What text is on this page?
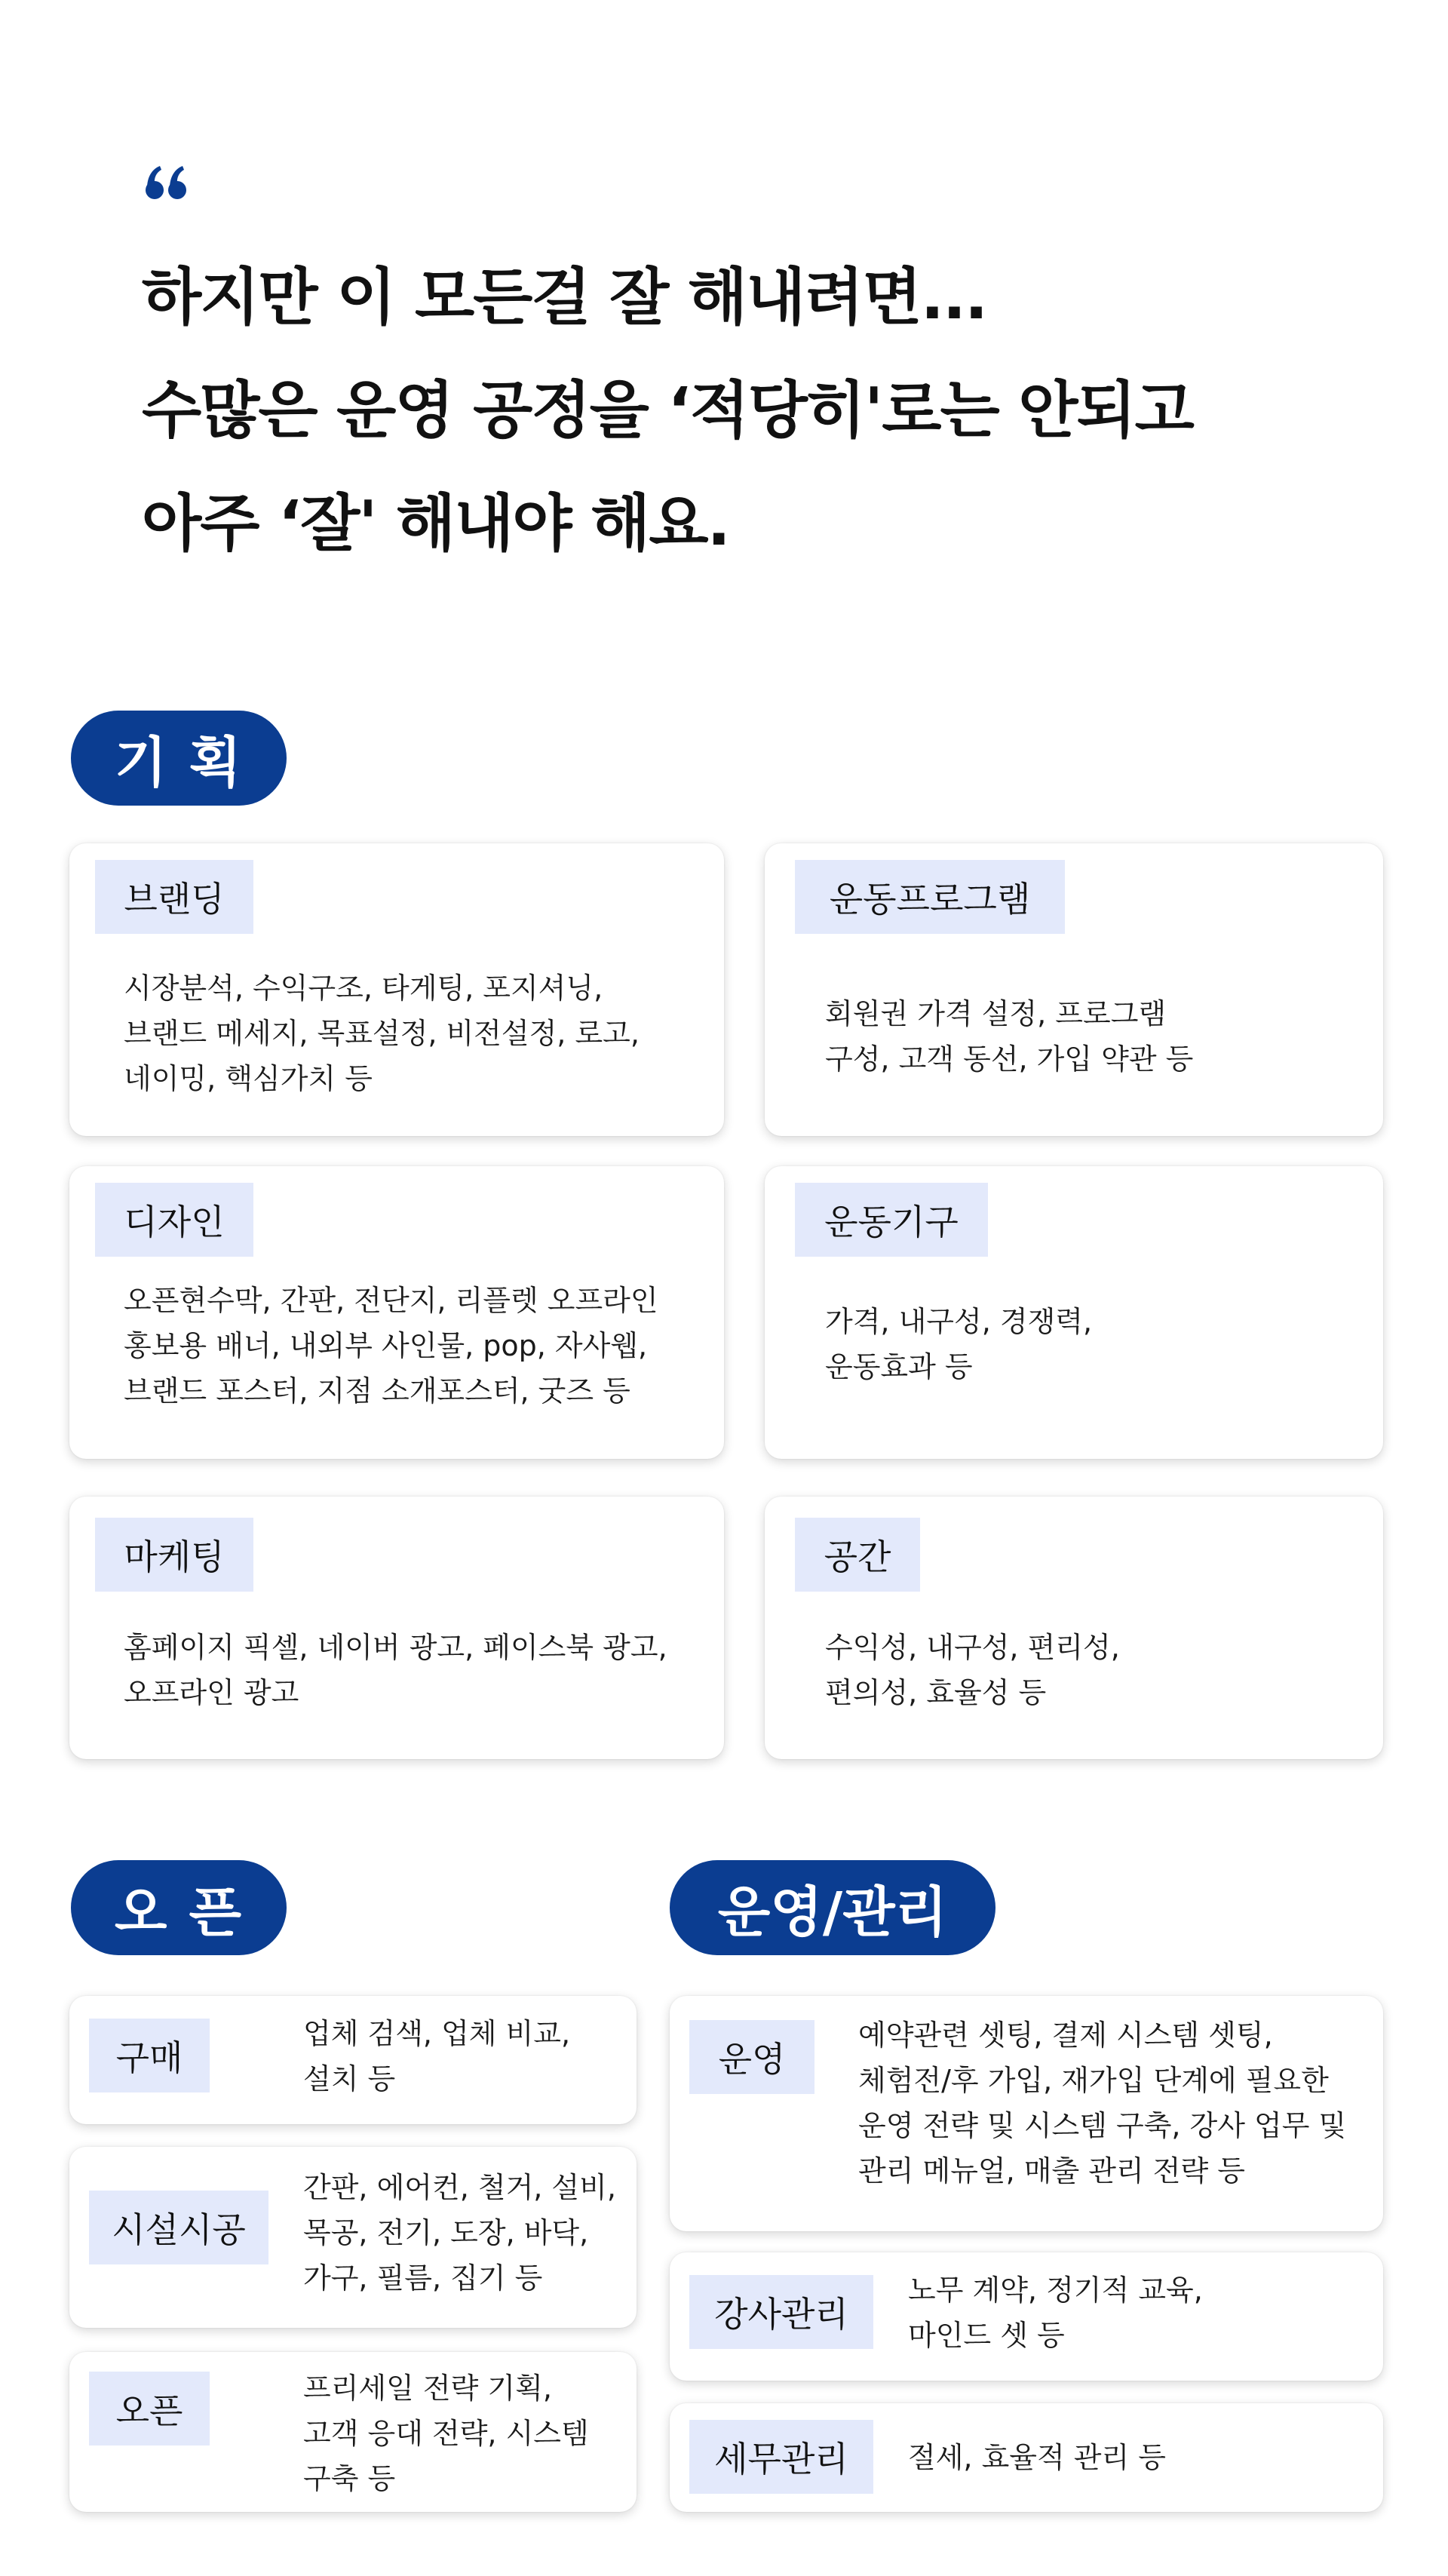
하지만 이 모든걸 잘 해내려면...
수많은 운영 공정을 ‘적당히'로는 안되고
아주 ‘잘' 해내야 해요.
기 획
브랜딩
시장분석, 수익구조, 타게팅, 포지셔닝,
브랜드 메세지, 목표설정, 비전설정, 로고,
네이밍, 핵심가치 등
운동프로그램
회원권 가격 설정, 프로그램
구성, 고객 동선, 가입 약관 등
디자인
오픈현수막, 간판, 전단지, 리플렛 오프라인
홍보용 배너, 내외부 사인물, pop, 자사웹,
브랜드 포스터, 지점 소개포스터, 굿즈 등
운동기구
가격, 내구성, 경쟁력,
운동효과 등
마케팅
홈페이지 픽셀, 네이버 광고, 페이스북 광고,
오프라인 광고
공간
수익성, 내구성, 편리성,
편의성, 효율성 등
오 픈
구매
업체 검색, 업체 비교,
설치 등
시설시공
간판, 에어컨, 철거, 설비,
목공, 전기, 도장, 바닥,
가구, 필름, 집기 등
오픈
프리세일 전략 기획,
고객 응대 전략, 시스템
구축 등
운영/관리
운영
예약관련 셋팅, 결제 시스템 셋팅,
체험전/후 가입, 재가입 단계에 필요한
운영 전략 및 시스템 구축, 강사 업무 및
관리 메뉴얼, 매출 관리 전략 등
강사관리
노무 계약, 정기적 교육,
마인드 셋 등
세무관리	절세, 효율적 관리 등
